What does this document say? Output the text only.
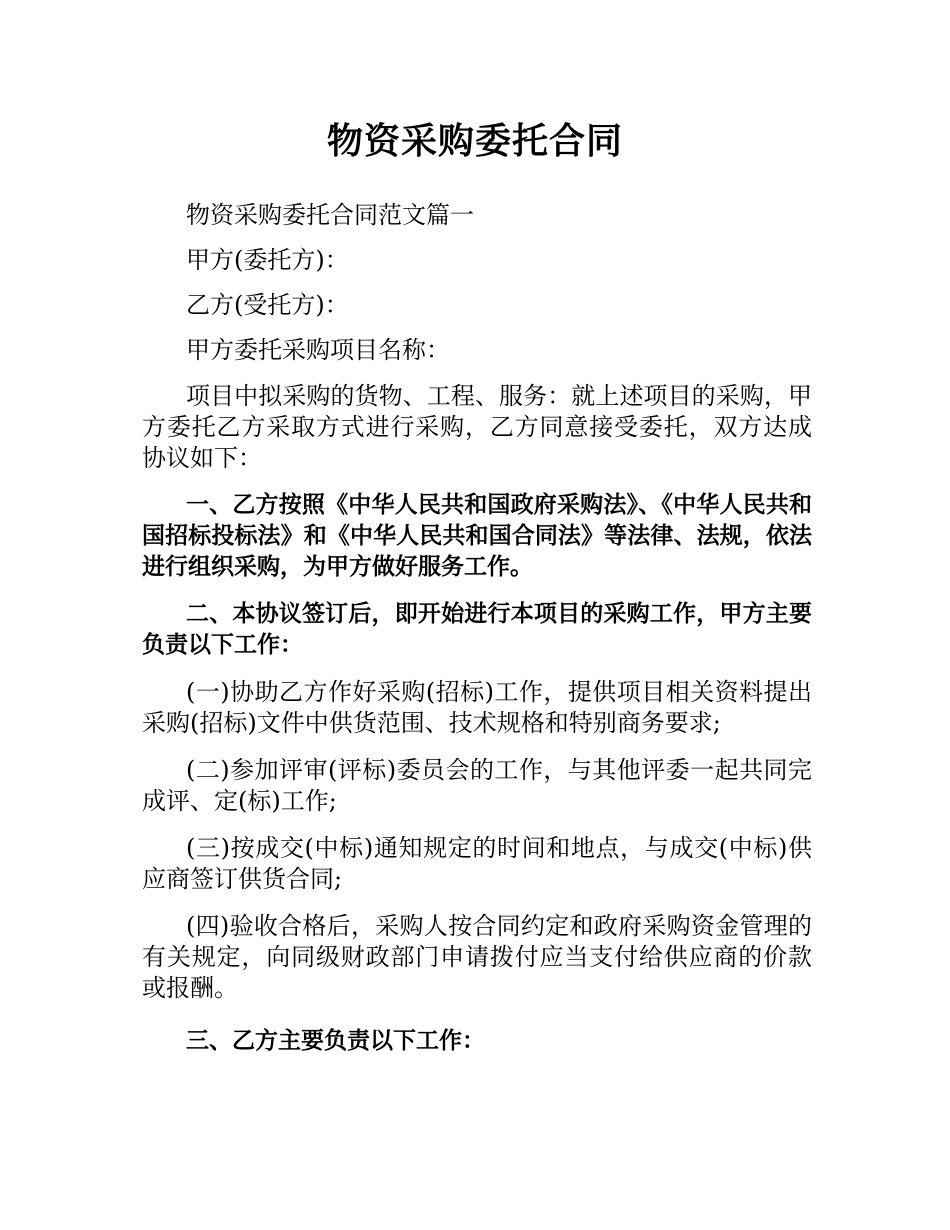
物资采购委托合同

物资采购委托合同范文篇一

甲方(委托方)：

乙方(受托方)：

甲方委托采购项目名称：

项目中拟采购的货物、工程、服务：就上述项目的采购，甲方委托乙方采取方式进行采购，乙方同意接受委托，双方达成协议如下：

一、乙方按照《中华人民共和国政府采购法》、《中华人民共和国招标投标法》和《中华人民共和国合同法》等法律、法规，依法进行组织采购，为甲方做好服务工作。

二、本协议签订后，即开始进行本项目的采购工作，甲方主要负责以下工作：

(一)协助乙方作好采购(招标)工作，提供项目相关资料提出采购(招标)文件中供货范围、技术规格和特别商务要求;

(二)参加评审(评标)委员会的工作，与其他评委一起共同完成评、定(标)工作;

(三)按成交(中标)通知规定的时间和地点，与成交(中标)供应商签订供货合同;

(四)验收合格后，采购人按合同约定和政府采购资金管理的有关规定，向同级财政部门申请拨付应当支付给供应商的价款或报酬。

三、乙方主要负责以下工作：
